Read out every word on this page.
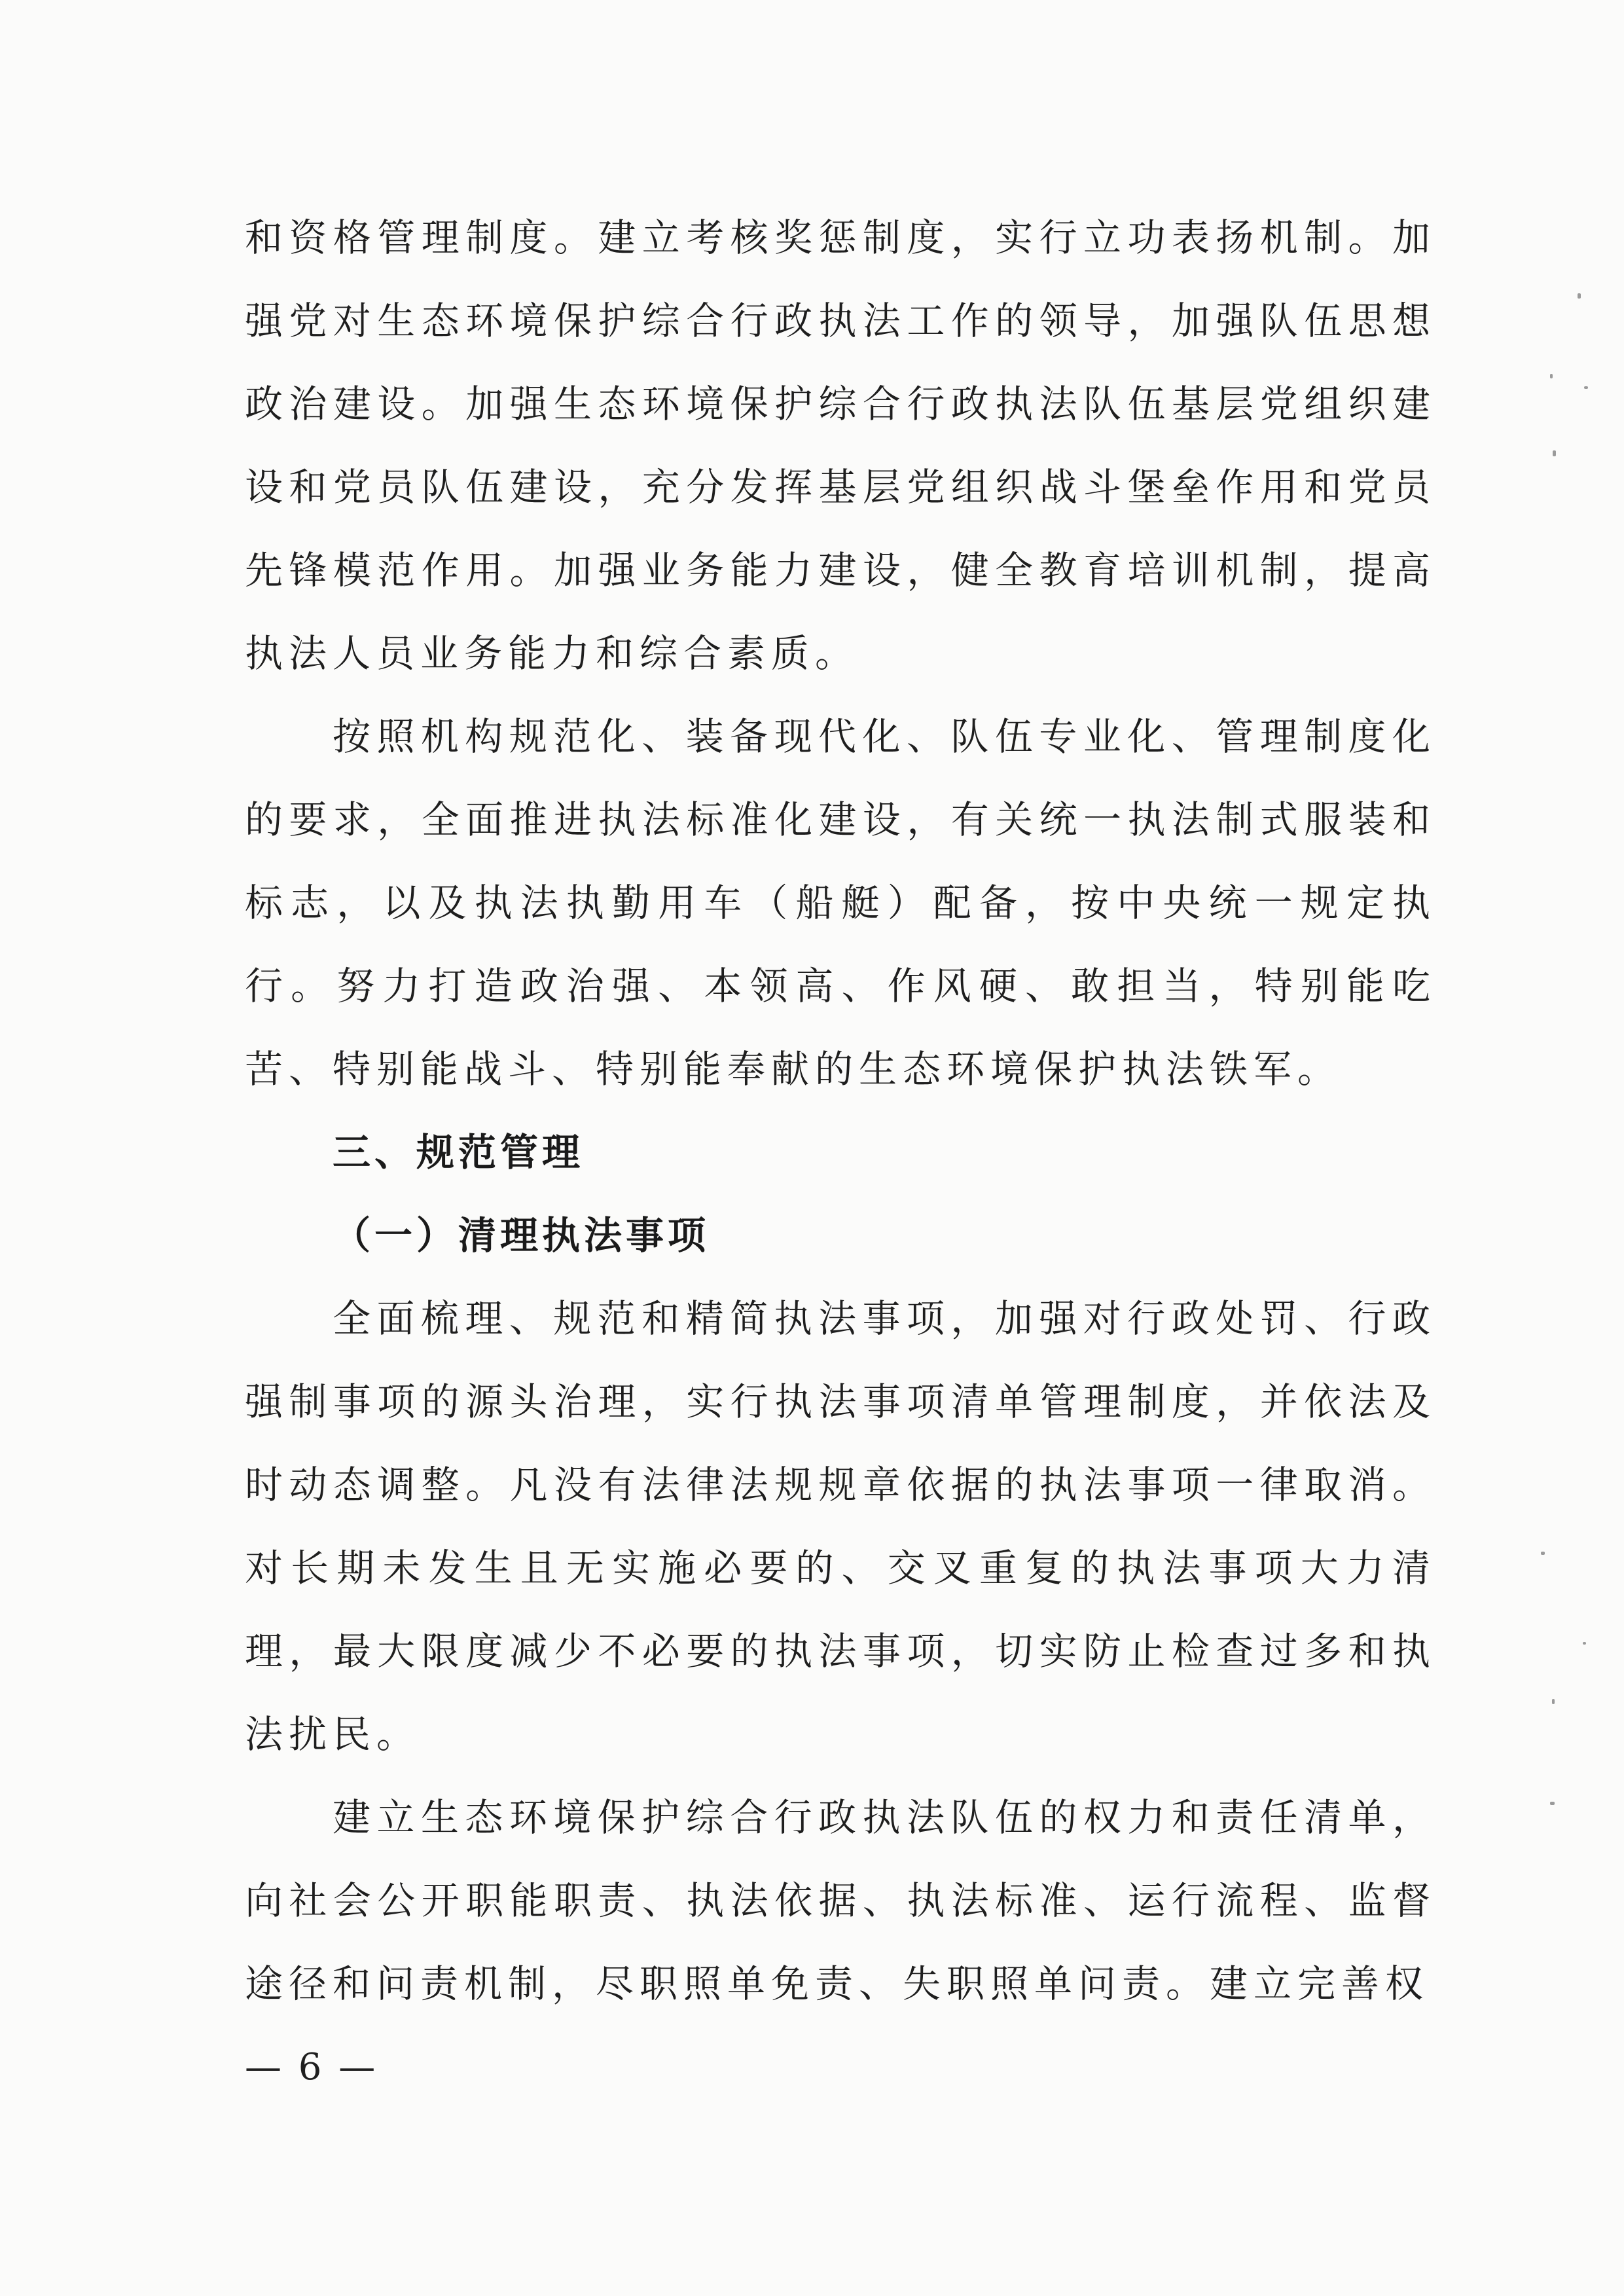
和资格管理制度。建立考核奖惩制度，实行立功表扬机制。加强党对生态环境保护综合行政执法工作的领导，加强队伍思想政治建设。加强生态环境保护综合行政执法队伍基层党组织建设和党员队伍建设，充分发挥基层党组织战斗堡垒作用和党员先锋模范作用。加强业务能力建设，健全教育培训机制，提高执法人员业务能力和综合素质。

按照机构规范化、装备现代化、队伍专业化、管理制度化的要求，全面推进执法标准化建设，有关统一执法制式服装和标志，以及执法执勤用车（船艇）配备，按中央统一规定执行。努力打造政治强、本领高、作风硬、敢担当，特别能吃苦、特别能战斗、特别能奉献的生态环境保护执法铁军。

三、规范管理
（一）清理执法事项

全面梳理、规范和精简执法事项，加强对行政处罚、行政强制事项的源头治理，实行执法事项清单管理制度，并依法及时动态调整。凡没有法律法规规章依据的执法事项一律取消。对长期未发生且无实施必要的、交叉重复的执法事项大力清理，最大限度减少不必要的执法事项，切实防止检查过多和执法扰民。

建立生态环境保护综合行政执法队伍的权力和责任清单，向社会公开职能职责、执法依据、执法标准、运行流程、监督途径和问责机制，尽职照单免责、失职照单问责。建立完善权

— 6 —
